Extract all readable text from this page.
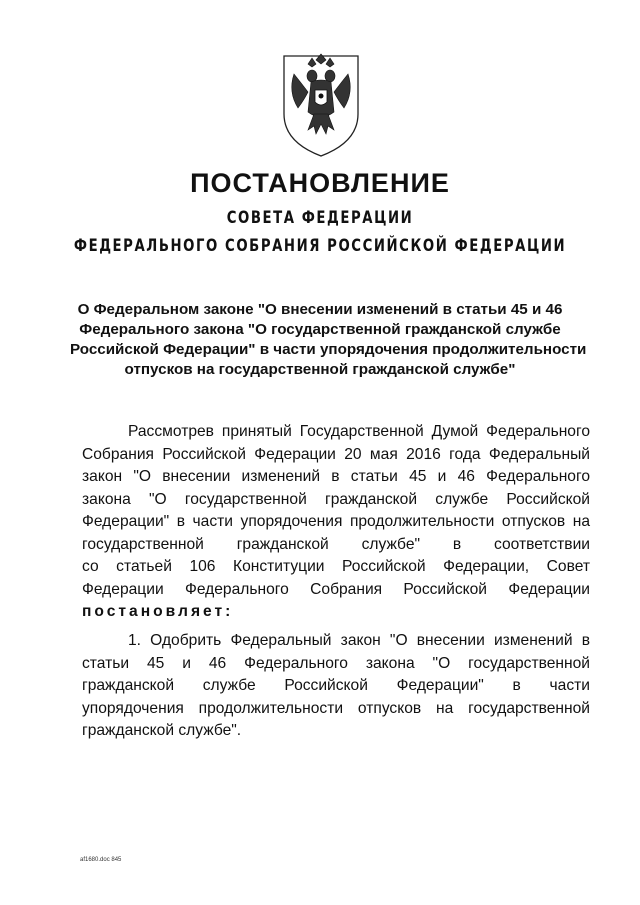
ПОСТАНОВЛЕНИЕ
СОВЕТА ФЕДЕРАЦИИ
ФЕДЕРАЛЬНОГО СОБРАНИЯ РОССИЙСКОЙ ФЕДЕРАЦИИ
О Федеральном законе "О внесении изменений в статьи 45 и 46
Федерального закона "О государственной гражданской службе
Российской Федерации" в части упорядочения продолжительности
отпусков на государственной гражданской службе"
Рассмотрев принятый Государственной Думой Федерального
Собрания Российской Федерации 20 мая 2016 года Федеральный
закон "О внесении изменений в статьи 45 и 46 Федерального
закона "О государственной гражданской службе Российской
Федерации" в части упорядочения продолжительности отпусков на
государственной гражданской службе" в соответствии
со статьей 106 Конституции Российской Федерации, Совет
Федерации Федерального Собрания Российской Федерации
постановляет:
1. Одобрить Федеральный закон "О внесении изменений в
статьи 45 и 46 Федерального закона "О государственной
гражданской службе Российской Федерации" в части
упорядочения продолжительности отпусков на государственной
гражданской службе".
af1680.doc 845
